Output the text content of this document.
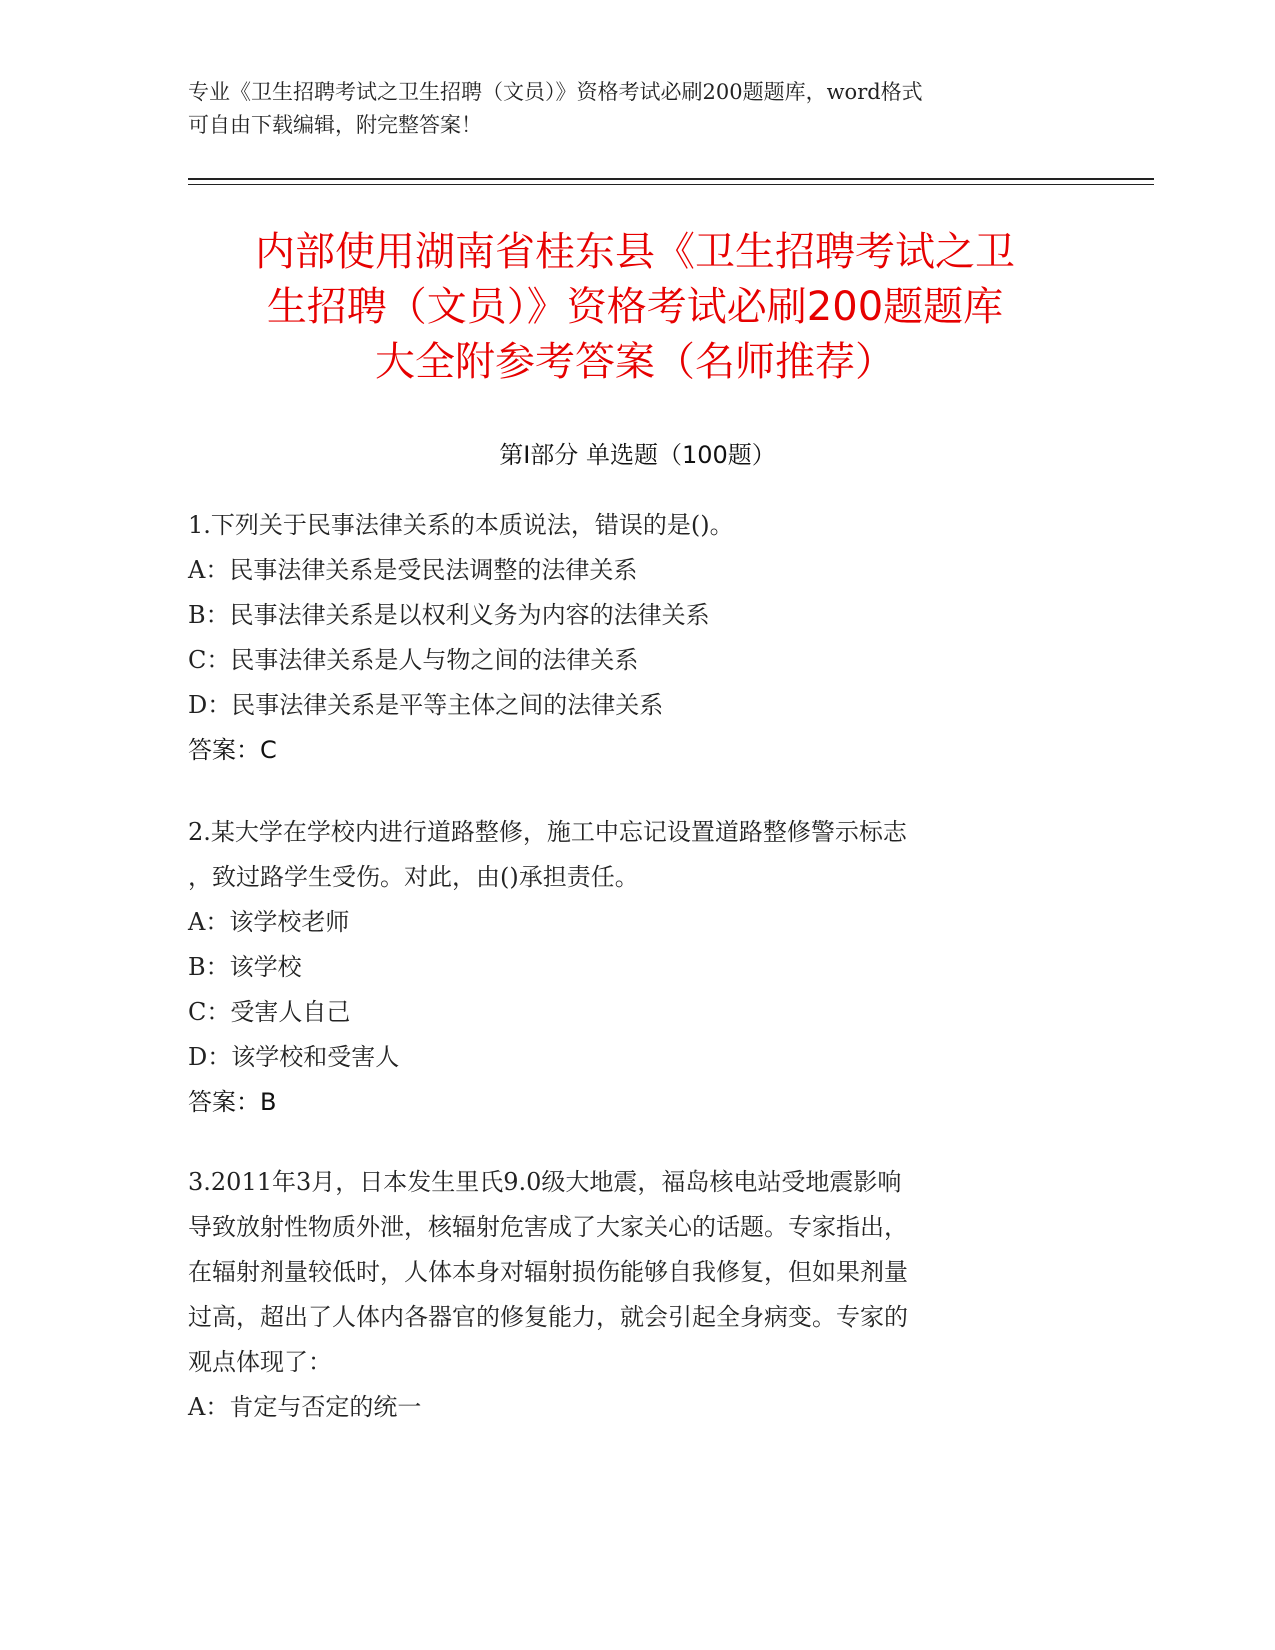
专业《卫生招聘考试之卫生招聘（文员）》资格考试必刷200题题库，word格式
可自由下载编辑，附完整答案！
内部使用湖南省桂东县《卫生招聘考试之卫
生招聘（文员）》资格考试必刷200题题库
大全附参考答案（名师推荐）
第Ⅰ部分 单选题（100题）
1.下列关于民事法律关系的本质说法，错误的是()。
A：民事法律关系是受民法调整的法律关系
B：民事法律关系是以权利义务为内容的法律关系
C：民事法律关系是人与物之间的法律关系
D：民事法律关系是平等主体之间的法律关系
答案：C
2.某大学在学校内进行道路整修，施工中忘记设置道路整修警示标志
，致过路学生受伤。对此，由()承担责任。
A：该学校老师
B：该学校
C：受害人自己
D：该学校和受害人
答案：B
3.2011年3月，日本发生里氏9.0级大地震，福岛核电站受地震影响
导致放射性物质外泄，核辐射危害成了大家关心的话题。专家指出，
在辐射剂量较低时，人体本身对辐射损伤能够自我修复，但如果剂量
过高，超出了人体内各器官的修复能力，就会引起全身病变。专家的
观点体现了：
A：肯定与否定的统一
